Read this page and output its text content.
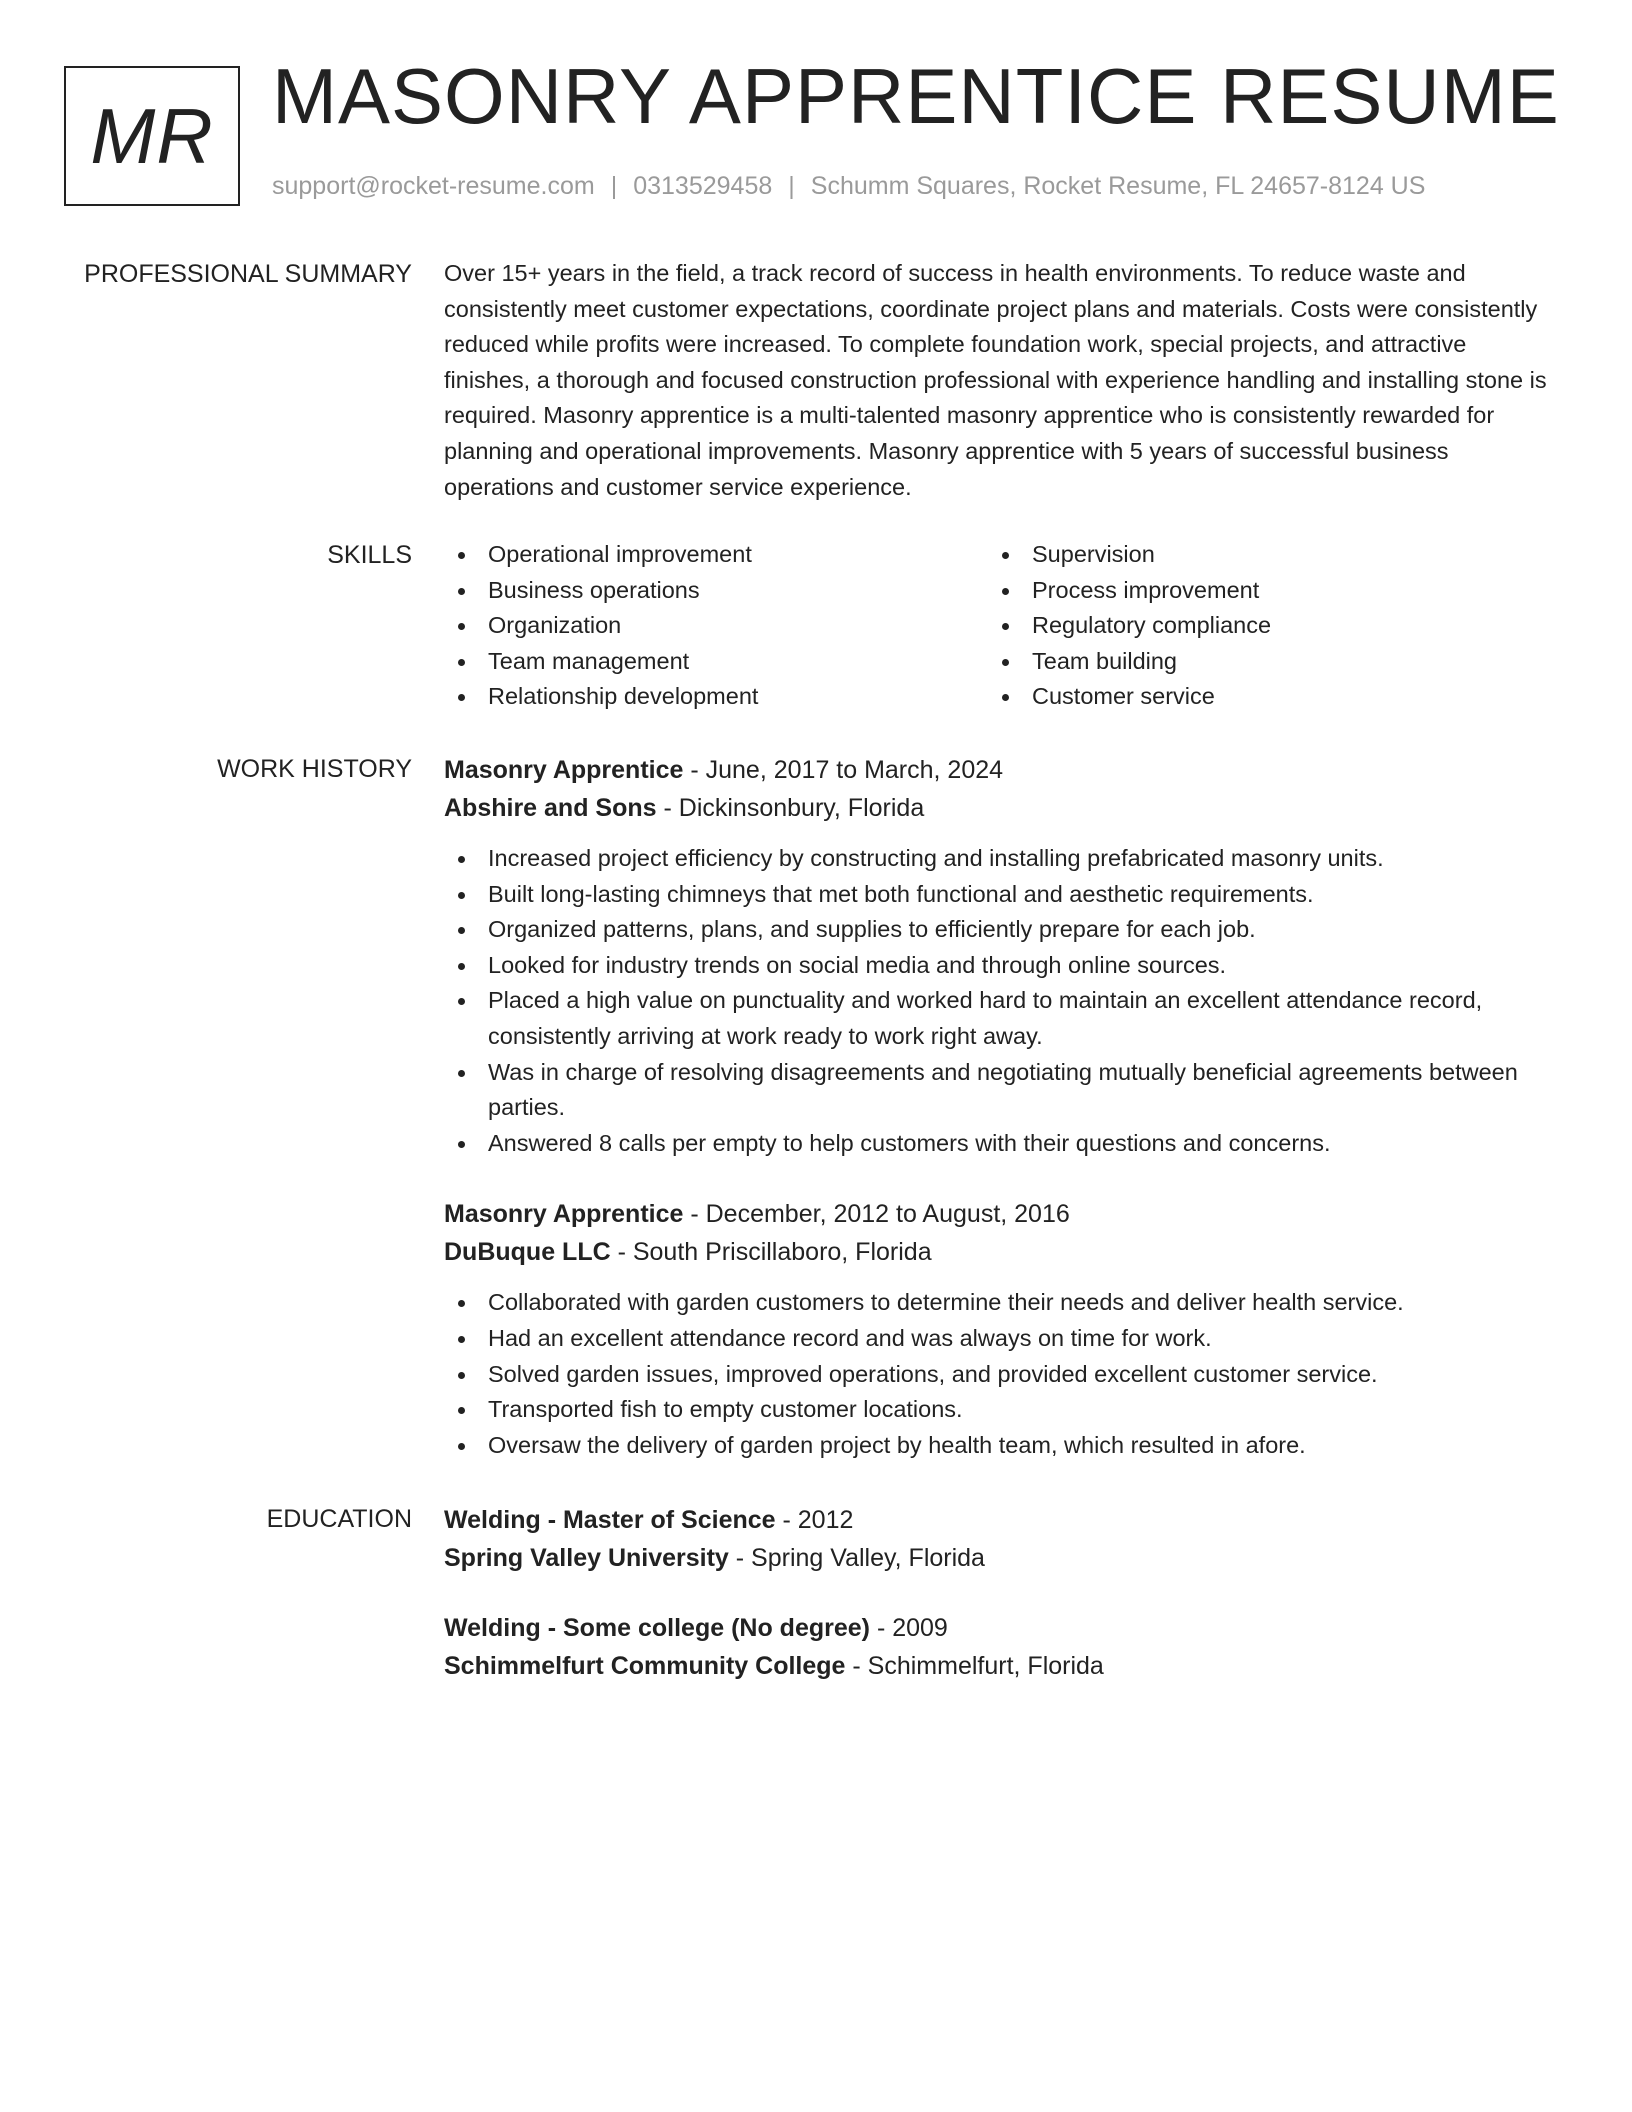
MR MASONRY APPRENTICE RESUME
support@rocket-resume.com | 0313529458 | Schumm Squares, Rocket Resume, FL 24657-8124 US
PROFESSIONAL SUMMARY Over 15+ years in the field, a track record of success in health environments. To reduce waste and consistently meet customer expectations, coordinate project plans and materials. Costs were consistently reduced while profits were increased. To complete foundation work, special projects, and attractive finishes, a thorough and focused construction professional with experience handling and installing stone is required. Masonry apprentice is a multi-talented masonry apprentice who is consistently rewarded for planning and operational improvements. Masonry apprentice with 5 years of successful business operations and customer service experience.

SKILLS	Operational improvement
Business operations
Organization
Team management
Relationship development
Supervision
Process improvement
Regulatory compliance
Team building
Customer service
WORK HISTORY Masonry Apprentice - June, 2017 to March, 2024
Abshire and Sons - Dickinsonbury, Florida
Increased project efficiency by constructing and installing prefabricated masonry units.
Built long-lasting chimneys that met both functional and aesthetic requirements.
Organized patterns, plans, and supplies to efficiently prepare for each job.
Looked for industry trends on social media and through online sources.
Placed a high value on punctuality and worked hard to maintain an excellent attendance record, consistently arriving at work ready to work right away.
Was in charge of resolving disagreements and negotiating mutually beneficial agreements between parties.
Answered 8 calls per empty to help customers with their questions and concerns.
Masonry Apprentice - December, 2012 to August, 2016
DuBuque LLC - South Priscillaboro, Florida
Collaborated with garden customers to determine their needs and deliver health service.
Had an excellent attendance record and was always on time for work.
Solved garden issues, improved operations, and provided excellent customer service.
Transported fish to empty customer locations.
Oversaw the delivery of garden project by health team, which resulted in afore.
EDUCATION Welding - Master of Science - 2012
Spring Valley University - Spring Valley, Florida
Welding - Some college (No degree) - 2009
Schimmelfurt Community College - Schimmelfurt, Florida
